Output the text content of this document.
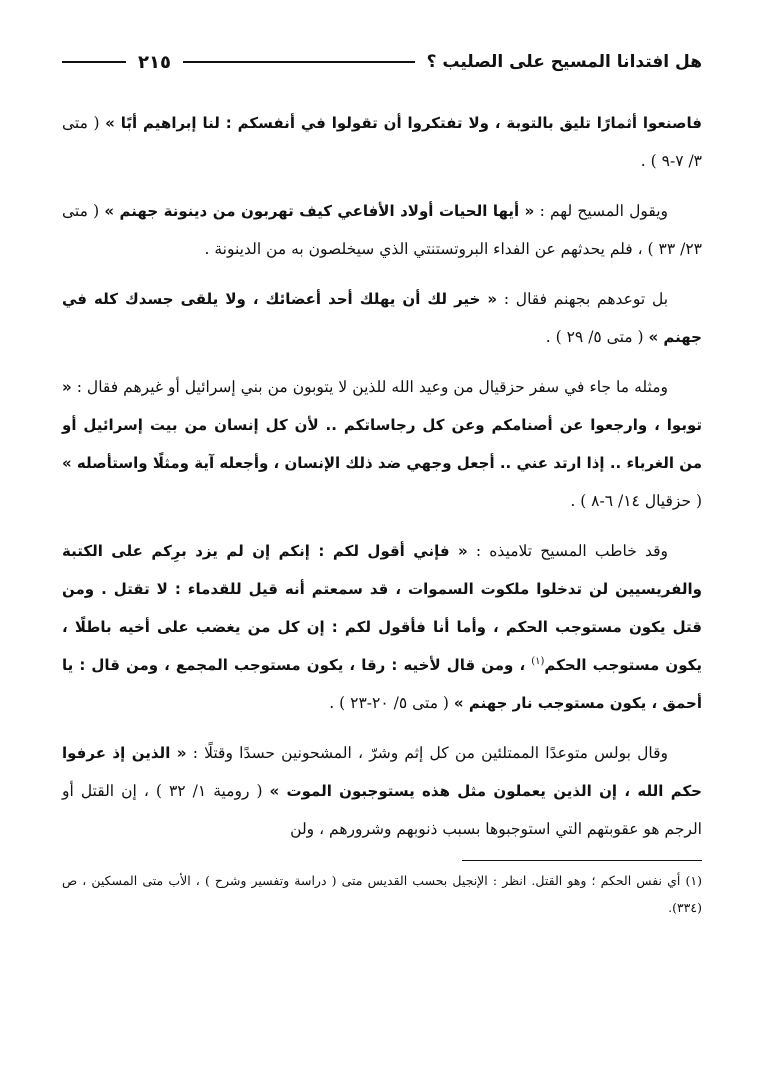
هل افتدانا المسيح على الصليب ؟
٢١٥

فاصنعوا أثمارًا تليق بالتوبة ، ولا تفتكروا أن تقولوا في أنفسكم : لنا إبراهيم أبًا » ( متى ٣/ ٧-٩ ) .

ويقول المسيح لهم : « أيها الحيات أولاد الأفاعي كيف تهربون من دينونة جهنم » ( متى ٢٣/ ٣٣ ) ، فلم يحدثهم عن الفداء البروتستنتي الذي سيخلصون به من الدينونة .

بل توعدهم بجهنم فقال : « خير لك أن يهلك أحد أعضائك ، ولا يلقى جسدك كله في جهنم » ( متى ٥/ ٢٩ ) .

ومثله ما جاء في سفر حزقيال من وعيد الله للذين لا يتوبون من بني إسرائيل أو غيرهم فقال : « توبوا ، وارجعوا عن أصنامكم وعن كل رجاساتكم .. لأن كل إنسان من بيت إسرائيل أو من الغرباء .. إذا ارتد عني .. أجعل وجهي ضد ذلك الإنسان ، وأجعله آية ومثلًا واستأصله » ( حزقيال ١٤/ ٦-٨ ) .

وقد خاطب المسيح تلاميذه : « فإني أقول لكم : إنكم إن لم يزد برِكم على الكتبة والفريسيين لن تدخلوا ملكوت السموات ، قد سمعتم أنه قيل للقدماء : لا تقتل . ومن قتل يكون مستوجب الحكم ، وأما أنا فأقول لكم : إن كل من يغضب على أخيه باطلًا ، يكون مستوجب الحكم$^{(١)}$ ، ومن قال لأخيه : رقا ، يكون مستوجب المجمع ، ومن قال : يا أحمق ، يكون مستوجب نار جهنم » ( متى ٥/ ٢٠-٢٣ ) .

وقال بولس متوعدًا الممتلئين من كل إثم وشرّ ، المشحونين حسدًا وقتلًا : « الذين إذ عرفوا حكم الله ، إن الذين يعملون مثل هذه يستوجبون الموت » ( رومية ١/ ٣٢ ) ، إن القتل أو الرجم هو عقوبتهم التي استوجبوها بسبب ذنوبهم وشرورهم ، ولن

(١) أي نفس الحكم ؛ وهو القتل. انظر : الإنجيل بحسب القديس متى ( دراسة وتفسير وشرح ) ، الأب متى المسكين ، ص (٣٣٤).
